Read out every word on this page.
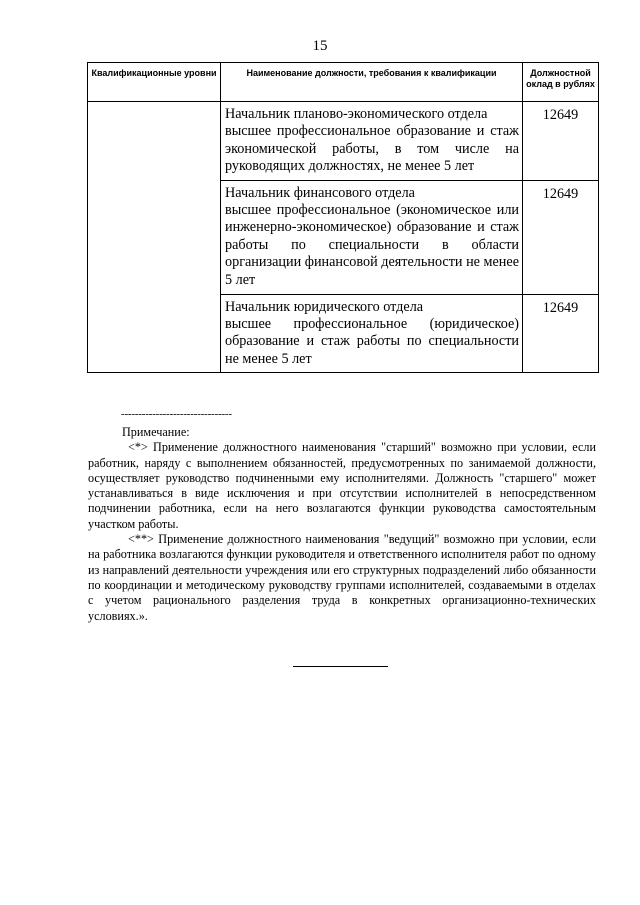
15
Квалификационные уровни	Наименование должности, требования к квалификации	Должностной оклад в рублях

	Начальник планово-экономического отдела
высшее профессиональное образование и стаж экономической работы, в том числе на руководящих должностях, не менее 5 лет	12649

	Начальник финансового отдела
высшее профессиональное (экономическое или инженерно-экономическое) образование и стаж работы по специальности в области организации финансовой деятельности не менее 5 лет	12649

	Начальник юридического отдела
высшее профессиональное (юридическое) образование и стаж работы по специальности не менее 5 лет	12649
--------------------------------

Примечание:

<*> Применение должностного наименования "старший" возможно при условии, если работник, наряду с выполнением обязанностей, предусмотренных по занимаемой должности, осуществляет руководство подчиненными ему исполнителями. Должность "старшего" может устанавливаться в виде исключения и при отсутствии исполнителей в непосредственном подчинении работника, если на него возлагаются функции руководства самостоятельным участком работы.

<**> Применение должностного наименования "ведущий" возможно при условии, если на работника возлагаются функции руководителя и ответственного исполнителя работ по одному из направлений деятельности учреждения или его структурных подразделений либо обязанности по координации и методическому руководству группами исполнителей, создаваемыми в отделах с учетом рационального разделения труда в конкретных организационно-технических условиях.».
